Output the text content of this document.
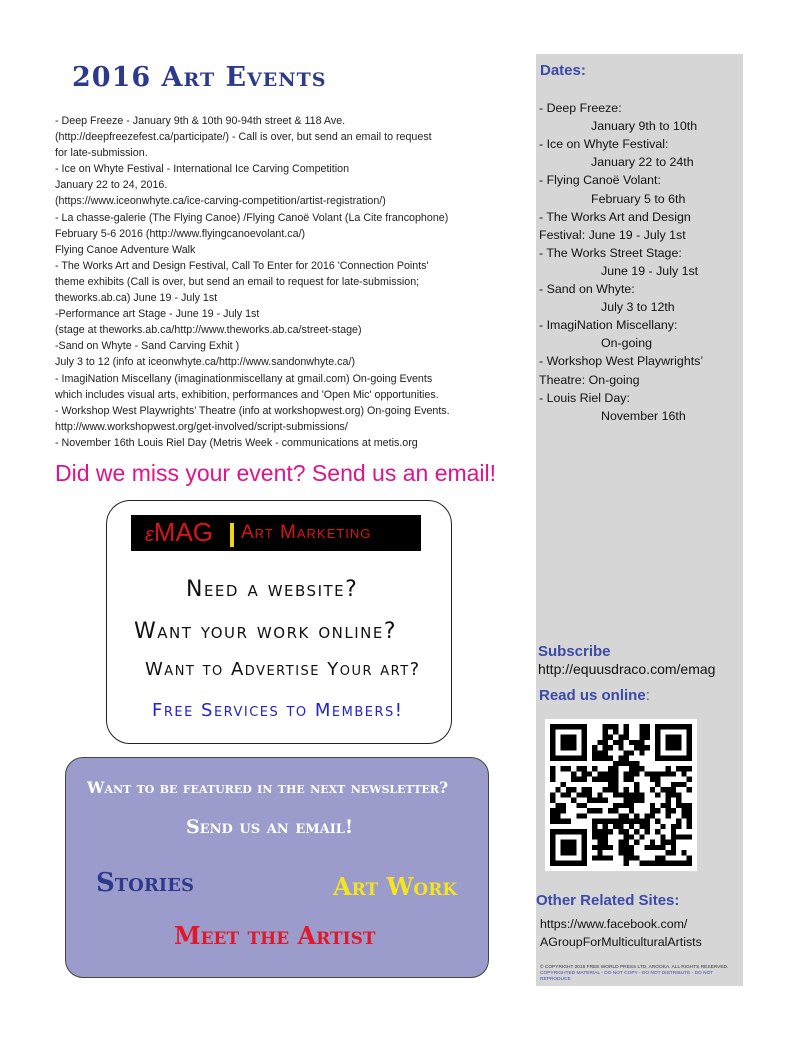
2016 Art Events
- Deep Freeze - January 9th & 10th 90-94th street & 118 Ave.
(http://deepfreezefest.ca/participate/) - Call is over, but send an email to request
for late-submission.
- Ice on Whyte Festival - International Ice Carving Competition
January 22 to 24, 2016.
(https://www.iceonwhyte.ca/ice-carving-competition/artist-registration/)
- La chasse-galerie (The Flying Canoe) /Flying Canoë Volant (La Cite francophone)
February 5-6 2016 (http://www.flyingcanoevolant.ca/)
Flying Canoe Adventure Walk
- The Works Art and Design Festival, Call To Enter for 2016 'Connection Points'
theme exhibits (Call is over, but send an email to request for late-submission;
theworks.ab.ca) June 19 - July 1st
-Performance art Stage - June 19 - July 1st
(stage at theworks.ab.ca/http://www.theworks.ab.ca/street-stage)
-Sand on Whyte - Sand Carving Exhit )
July 3 to 12 (info at iceonwhyte.ca/http://www.sandonwhyte.ca/)
- ImagiNation Miscellany (imaginationmiscellany at gmail.com) On-going Events
which includes visual arts, exhibition, performances and 'Open Mic' opportunities.
- Workshop West Playwrights’ Theatre (info at workshopwest.org) On-going Events.
http://www.workshopwest.org/get-involved/script-submissions/
- November 16th Louis Riel Day (Metris Week - communications at metis.org
Did we miss your event? Send us an email!
εMAG Art Marketing
Need a website?
Want your work online?
Want to Advertise Your art?
Free Services to Members!
Want to be featured in the next newsletter?
Send us an email!
Stories	Art Work
Meet the Artist
Dates:
- Deep Freeze:
January 9th to 10th
- Ice on Whyte Festival:
January 22 to 24th
- Flying Canoë Volant:
February 5 to 6th
- The Works Art and Design
Festival: June 19 - July 1st
- The Works Street Stage:
June 19 - July 1st
- Sand on Whyte:
July 3 to 12th
- ImagiNation Miscellany:
On-going
- Workshop West Playwrights’
Theatre: On-going
- Louis Riel Day:
November 16th
Subscribe
http://equusdraco.com/emag
Read us online:
Other Related Sites:
https://www.facebook.com/
AGroupForMulticulturalArtists
© COPYRIGHT 2015 FREE WORLD PRESS LTD, AROOKA. ALL RIGHTS RESERVED.
COPYRIGHTED MATERIAL - DO NOT COPY - DO NOT DISTRIBUTE - DO NOT REPRODUCE
